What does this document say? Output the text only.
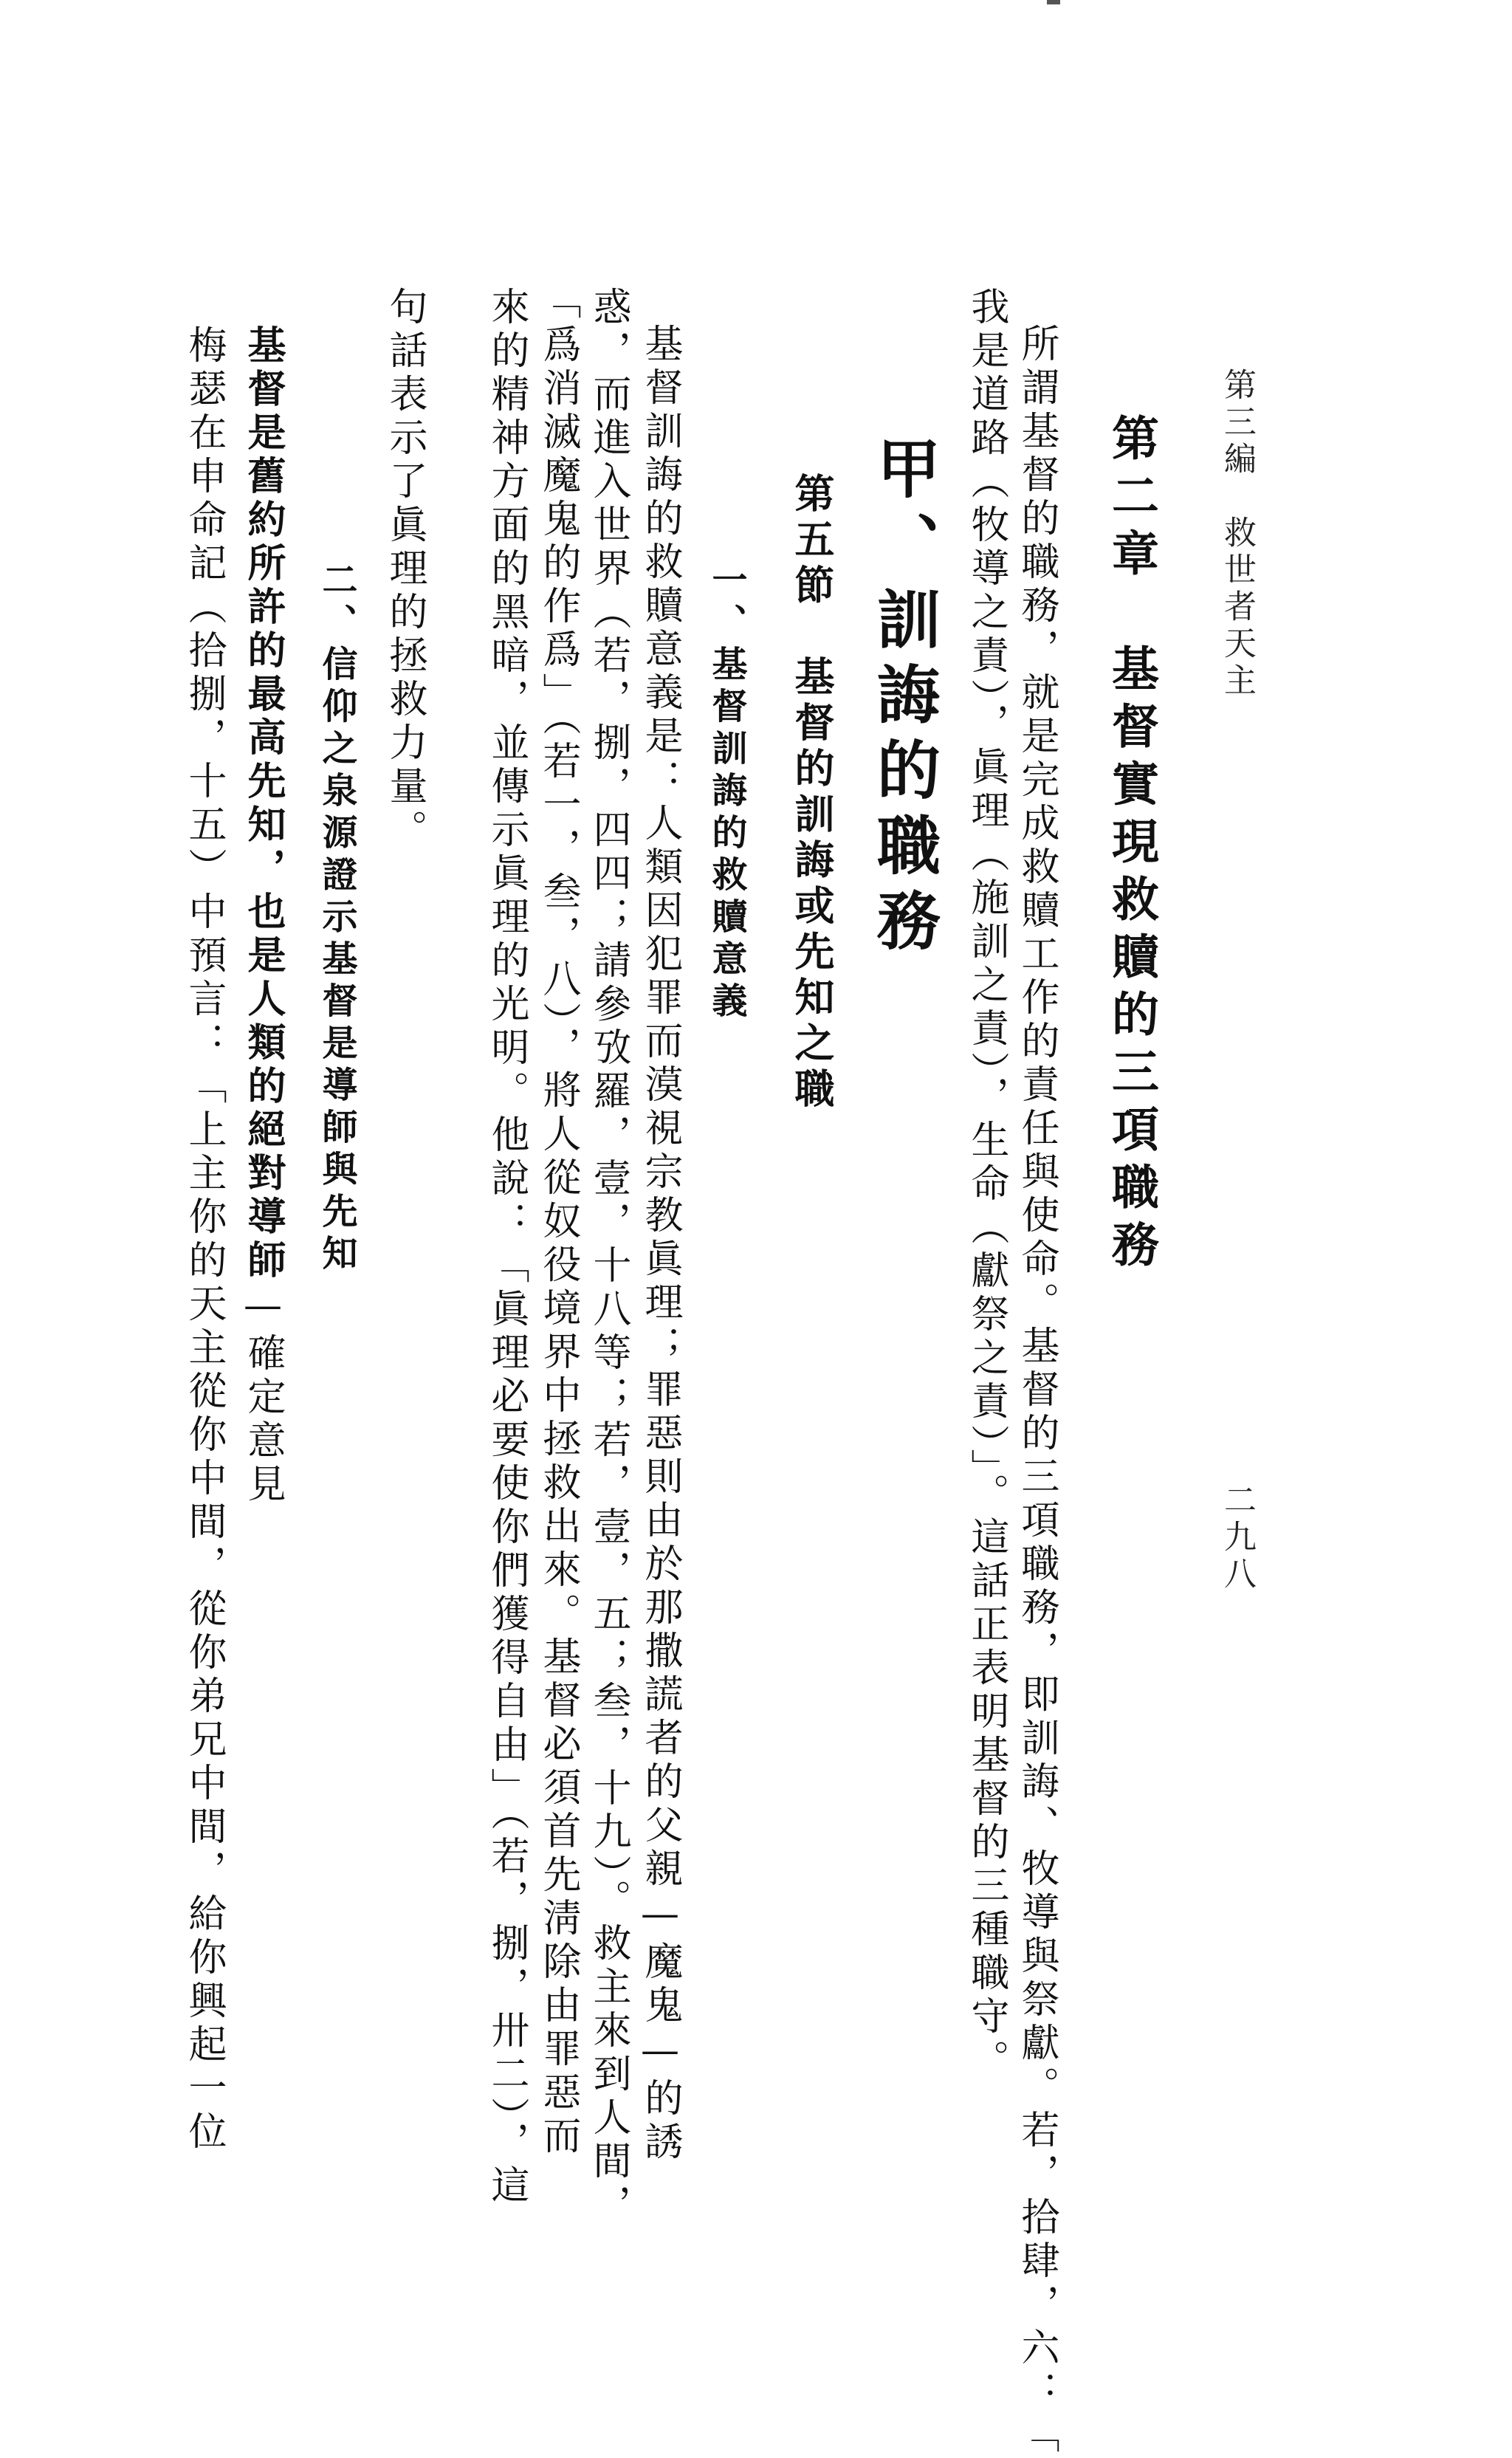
第三編　救世者天主

二九八

第二章　基督實現救贖的三項職務

所謂基督的職務，就是完成救贖工作的責任與使命。基督的三項職務，即訓誨、牧導與祭獻。若，拾肆，六：「

我是道路（牧導之責），眞理（施訓之責），生命（獻祭之責）」。這話正表明基督的三種職守。

甲、訓誨的職務
第五節　基督的訓誨或先知之職
一、基督訓誨的救贖意義

基督訓誨的救贖意義是：人類因犯罪而漠視宗教眞理；罪惡則由於那撒謊者的父親—魔鬼—的誘

惑，而進入世界（若，捌，四四；請參攷羅，壹，十八等；若，壹，五；叁，十九）。救主來到人間，

「爲消滅魔鬼的作爲」（若一，叁，八），將人從奴役境界中拯救出來。基督必須首先淸除由罪惡而

來的精神方面的黑暗，並傳示眞理的光明。他說：「眞理必要使你們獲得自由」（若，捌，卅二），這

句話表示了眞理的拯救力量。

二、信仰之泉源證示基督是導師與先知

基督是舊約所許的最高先知，也是人類的絕對導師—確定意見

梅瑟在申命記（拾捌，十五）中預言：「上主你的天主從你中間，從你弟兄中間，給你興起一位
